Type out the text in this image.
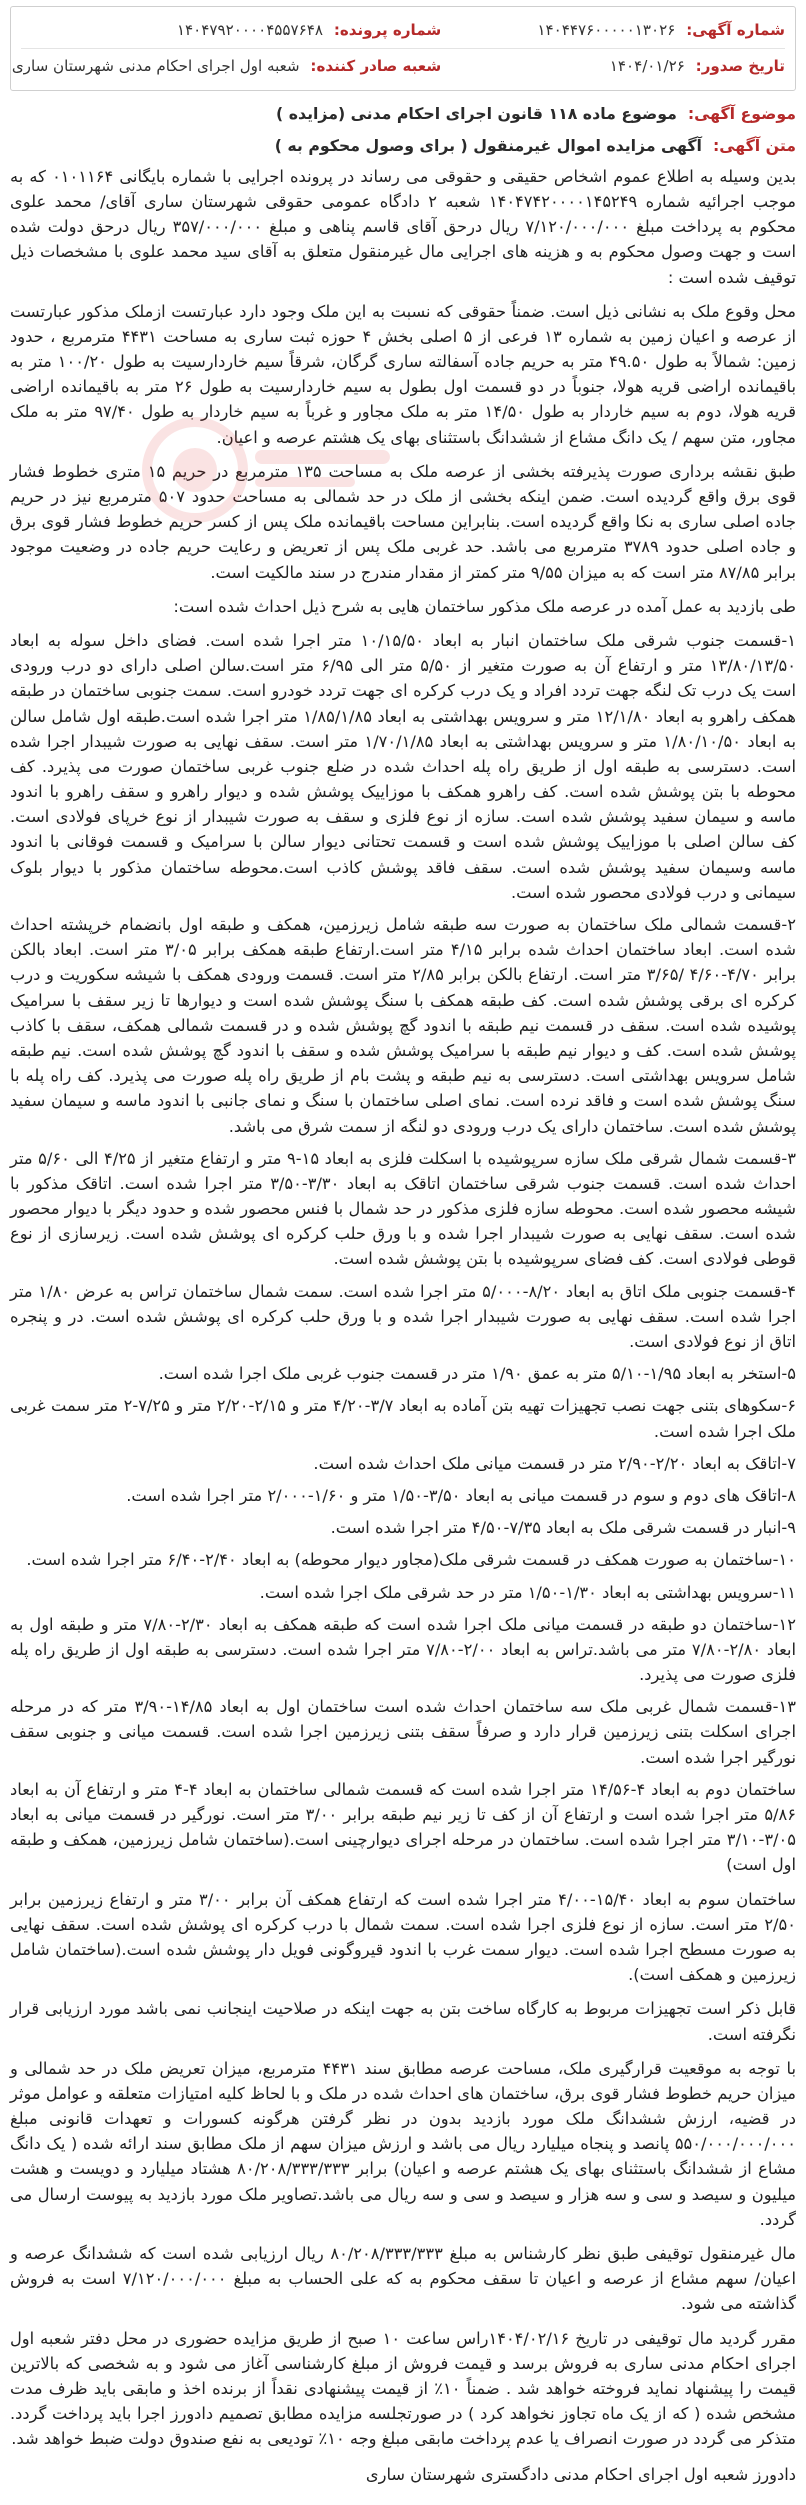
شماره آگهی: ۱۴۰۴۴۷۶۰۰۰۰۰۱۳۰۲۶
شماره پرونده: ۱۴۰۴۷۹۲۰۰۰۰۴۵۵۷۶۴۸
تاریخ صدور: ۱۴۰۴/۰۱/۲۶
شعبه صادر کننده: شعبه اول اجرای احکام مدنی شهرستان ساری
موضوع آگهی: موضوع ماده ۱۱۸ قانون اجرای احکام مدنی (مزایده )
متن آگهی: آگهی مزایده اموال غیرمنقول ( برای وصول محکوم به )

بدین وسیله به اطلاع عموم اشخاص حقیقی و حقوقی می رساند در پرونده اجرایی با شماره بایگانی ۰۱۰۱۱۶۴ که به موجب اجرائیه شماره ۱۴۰۴۷۴۲۰۰۰۰۱۴۵۲۴۹ شعبه ۲ دادگاه عمومی حقوقی شهرستان ساری آقای/ محمد علوی محکوم به پرداخت مبلغ ۷/۱۲۰/۰۰۰/۰۰۰ ریال درحق آقای قاسم پناهی و مبلغ ۳۵۷/۰۰۰/۰۰۰ ریال درحق دولت شده است و جهت وصول محکوم به و هزینه های اجرایی مال غیرمنقول متعلق به آقای سید محمد علوی با مشخصات ذیل توقیف شده است :

محل وقوع ملک به نشانی ذیل است. ضمناً حقوقی که نسبت به این ملک وجود دارد عبارتست ازملک مذکور عبارتست از عرصه و اعیان زمین به شماره ۱۳ فرعی از ۵ اصلی بخش ۴ حوزه ثبت ساری به مساحت ۴۴۳۱ مترمربع ، حدود زمین: شمالاً به طول ۴۹.۵۰ متر به حریم جاده آسفالته ساری گرگان، شرقاً سیم خاردارسیت به طول ۱۰۰/۲۰ متر به باقیمانده اراضی قریه هولا، جنوباً در دو قسمت اول بطول به سیم خاردارسیت به طول ۲۶ متر به باقیمانده اراضی قریه هولا، دوم به سیم خاردار به طول ۱۴/۵۰ متر به ملک مجاور و غرباً به سیم خاردار به طول ۹۷/۴۰ متر به ملک مجاور، متن سهم / یک دانگ مشاع از ششدانگ باستثنای بهای یک هشتم عرصه و اعیان.

طبق نقشه برداری صورت پذیرفته بخشی از عرصه ملک به مساحت ۱۳۵ مترمربع در حریم ۱۵ متری خطوط فشار قوی برق واقع گردیده است. ضمن اینکه بخشی از ملک در حد شمالی به مساحت حدود ۵۰۷ مترمربع نیز در حریم جاده اصلی ساری به نکا واقع گردیده است. بنابراین مساحت باقیمانده ملک پس از کسر حریم خطوط فشار قوی برق و جاده اصلی حدود ۳۷۸۹ مترمربع می باشد. حد غربی ملک پس از تعریض و رعایت حریم جاده در وضعیت موجود برابر ۸۷/۸۵ متر است که به میزان ۹/۵۵ متر کمتر از مقدار مندرج در سند مالکیت است.

طی بازدید به عمل آمده در عرصه ملک مذکور ساختمان هایی به شرح ذیل احداث شده است:

۱-قسمت جنوب شرقی ملک ساختمان انبار به ابعاد ۱۰/۱۵/۵۰ متر اجرا شده است. فضای داخل سوله به ابعاد ۱۳/۸۰/۱۳/۵۰ متر و ارتفاع آن به صورت متغیر از ۵/۵۰ متر الی ۶/۹۵ متر است.سالن اصلی دارای دو درب ورودی است یک درب تک لنگه جهت تردد افراد و یک درب کرکره ای جهت تردد خودرو است. سمت جنوبی ساختمان در طبقه همکف راهرو به ابعاد ۱۲/۱/۸۰ متر و سرویس بهداشتی به ابعاد ۱/۸۵/۱/۸۵ متر اجرا شده است.طبقه اول شامل سالن به ابعاد ۱/۸۰/۱۰/۵۰ متر و سرویس بهداشتی به ابعاد ۱/۷۰/۱/۸۵ متر است. سقف نهایی به صورت شیبدار اجرا شده است. دسترسی به طبقه اول از طریق راه پله احداث شده در ضلع جنوب غربی ساختمان صورت می پذیرد. کف محوطه با بتن پوشش شده است. کف راهرو همکف با موزاییک پوشش شده و دیوار راهرو و سقف راهرو با اندود ماسه و سیمان سفید پوشش شده است. سازه از نوع فلزی و سقف به صورت شیبدار از نوع خرپای فولادی است. کف سالن اصلی با موزاییک پوشش شده است و قسمت تحتانی دیوار سالن با سرامیک و قسمت فوقانی با اندود ماسه وسیمان سفید پوشش شده است. سقف فاقد پوشش کاذب است.محوطه ساختمان مذکور با دیوار بلوک سیمانی و درب فولادی محصور شده است.

۲-قسمت شمالی ملک ساختمان به صورت سه طبقه شامل زیرزمین، همکف و طبقه اول بانضمام خرپشته احداث شده است. ابعاد ساختمان احداث شده برابر ۴/۱۵ متر است.ارتفاع طبقه همکف برابر ۳/۰۵ متر است. ابعاد بالکن برابر ۴/۷۰-۴/۶۰ /۳/۶۵ متر است. ارتفاع بالکن برابر ۲/۸۵ متر است. قسمت ورودی همکف با شیشه سکوریت و درب کرکره ای برقی پوشش شده است. کف طبقه همکف با سنگ پوشش شده است و دیوارها تا زیر سقف با سرامیک پوشیده شده است. سقف در قسمت نیم طبقه با اندود گچ پوشش شده و در قسمت شمالی همکف، سقف با کاذب پوشش شده است. کف و دیوار نیم طبقه با سرامیک پوشش شده و سقف با اندود گچ پوشش شده است. نیم طبقه شامل سرویس بهداشتی است. دسترسی به نیم طبقه و پشت بام از طریق راه پله صورت می پذیرد. کف راه پله با سنگ پوشش شده است و فاقد نرده است. نمای اصلی ساختمان با سنگ و نمای جانبی با اندود ماسه و سیمان سفید پوشش شده است. ساختمان دارای یک درب ورودی دو لنگه از سمت شرق می باشد.

۳-قسمت شمال شرقی ملک سازه سرپوشیده با اسکلت فلزی به ابعاد ۱۵-۹ متر و ارتفاع متغیر از ۴/۲۵ الی ۵/۶۰ متر احداث شده است. قسمت جنوب شرقی ساختمان اتاقک به ابعاد ۳/۳۰-۳/۵۰ متر اجرا شده است. اتاقک مذکور با شیشه محصور شده است. محوطه سازه فلزی مذکور در حد شمال با فنس محصور شده و حدود دیگر با دیوار محصور شده است. سقف نهایی به صورت شیبدار اجرا شده و با ورق حلب کرکره ای پوشش شده است. زیرسازی از نوع قوطی فولادی است. کف فضای سرپوشیده با بتن پوشش شده است.

۴-قسمت جنوبی ملک اتاق به ابعاد ۸/۲۰-۵/۰۰۰ متر اجرا شده است. سمت شمال ساختمان تراس به عرض ۱/۸۰ متر اجرا شده است. سقف نهایی به صورت شیبدار اجرا شده و با ورق حلب کرکره ای پوشش شده است. در و پنجره اتاق از نوع فولادی است.

۵-استخر به ابعاد ۱/۹۵-۵/۱۰ متر به عمق ۱/۹۰ متر در قسمت جنوب غربی ملک اجرا شده است.

۶-سکوهای بتنی جهت نصب تجهیزات تهیه بتن آماده به ابعاد ۳/۷-۴/۲۰ متر و ۲/۱۵-۲/۲۰ متر و ۷/۲۵-۲ متر سمت غربی ملک اجرا شده است.

۷-اتاقک به ابعاد ۲/۲۰-۲/۹۰ متر در قسمت میانی ملک احداث شده است.

۸-اتاقک های دوم و سوم در قسمت میانی به ابعاد ۳/۵۰-۱/۵۰ متر و ۱/۶۰-۲/۰۰۰ متر اجرا شده است.

۹-انبار در قسمت شرقی ملک به ابعاد ۷/۳۵-۴/۵۰ متر اجرا شده است.

۱۰-ساختمان به صورت همکف در قسمت شرقی ملک(مجاور دیوار محوطه) به ابعاد ۲/۴۰-۶/۴۰ متر اجرا شده است.

۱۱-سرویس بهداشتی به ابعاد ۱/۳۰-۱/۵۰ متر در حد شرقی ملک اجرا شده است.

۱۲-ساختمان دو طبقه در قسمت میانی ملک اجرا شده است که طبقه همکف به ابعاد ۲/۳۰-۷/۸۰ متر و طبقه اول به ابعاد ۲/۸۰-۷/۸۰ متر می باشد.تراس به ابعاد ۲/۰۰-۷/۸۰ متر اجرا شده است. دسترسی به طبقه اول از طریق راه پله فلزی صورت می پذیرد.

۱۳-قسمت شمال غربی ملک سه ساختمان احداث شده است ساختمان اول به ابعاد ۱۴/۸۵-۳/۹۰ متر که در مرحله اجرای اسکلت بتنی زیرزمین قرار دارد و صرفاً سقف بتنی زیرزمین اجرا شده است. قسمت میانی و جنوبی سقف نورگیر اجرا شده است.

ساختمان دوم به ابعاد ۴-۱۴/۵۶ متر اجرا شده است که قسمت شمالی ساختمان به ابعاد ۴-۴ متر و ارتفاع آن به ابعاد ۵/۸۶ متر اجرا شده است و ارتفاع آن از کف تا زیر نیم طبقه برابر ۳/۰۰ متر است. نورگیر در قسمت میانی به ابعاد ۳/۰۵-۳/۱۰ متر اجرا شده است. ساختمان در مرحله اجرای دیوارچینی است.(ساختمان شامل زیرزمین، همکف و طبقه اول است)

ساختمان سوم به ابعاد ۱۵/۴۰-۴/۰۰ متر اجرا شده است که ارتفاع همکف آن برابر ۳/۰۰ متر و ارتفاع زیرزمین برابر ۲/۵۰ متر است. سازه از نوع فلزی اجرا شده است. سمت شمال با درب کرکره ای پوشش شده است. سقف نهایی به صورت مسطح اجرا شده است. دیوار سمت غرب با اندود قیروگونی فویل دار پوشش شده است.(ساختمان شامل زیرزمین و همکف است).

قابل ذکر است تجهیزات مربوط به کارگاه ساخت بتن به جهت اینکه در صلاحیت اینجانب نمی باشد مورد ارزیابی قرار نگرفته است.

با توجه به موقعیت قرارگیری ملک، مساحت عرصه مطابق سند ۴۴۳۱ مترمربع، میزان تعریض ملک در حد شمالی و میزان حریم خطوط فشار قوی برق، ساختمان های احداث شده در ملک و با لحاظ کلیه امتیازات متعلقه و عوامل موثر در قضیه، ارزش ششدانگ ملک مورد بازدید بدون در نظر گرفتن هرگونه کسورات و تعهدات قانونی مبلغ ۵۵۰/۰۰۰/۰۰۰/۰۰۰ پانصد و پنجاه میلیارد ریال می باشد و ارزش میزان سهم از ملک مطابق سند ارائه شده ( یک دانگ مشاع از ششدانگ باستثنای بهای یک هشتم عرصه و اعیان) برابر ۸۰/۲۰۸/۳۳۳/۳۳۳ هشتاد میلیارد و دویست و هشت میلیون و سیصد و سی و سه هزار و سیصد و سی و سه ریال می باشد.تصاویر ملک مورد بازدید به پیوست ارسال می گردد.

مال غیرمنقول توقیفی طبق نظر کارشناس به مبلغ ۸۰/۲۰۸/۳۳۳/۳۳۳ ریال ارزیابی شده است که ششدانگ عرصه و اعیان/ سهم مشاع از عرصه و اعیان تا سقف محکوم به که علی الحساب به مبلغ ۷/۱۲۰/۰۰۰/۰۰۰ است به فروش گذاشته می شود.

مقرر گردید مال توقیفی در تاریخ ۱۴۰۴/۰۲/۱۶راس ساعت ۱۰ صبح از طریق مزایده حضوری در محل دفتر شعبه اول اجرای احکام مدنی ساری به فروش برسد و قیمت فروش از مبلغ کارشناسی آغاز می شود و به شخصی که بالاترین قیمت را پیشنهاد نماید فروخته خواهد شد . ضمناً ۱۰٪ از قیمت پیشنهادی نقداً از برنده اخذ و مابقی باید ظرف مدت مشخص شده ( که از یک ماه تجاوز نخواهد کرد ) در صورتجلسه مزایده مطابق تصمیم دادورز اجرا باید پرداخت گردد. متذکر می گردد در صورت انصراف یا عدم پرداخت مابقی مبلغ وجه ۱۰٪ تودیعی به نفع صندوق دولت ضبط خواهد شد.

دادورز شعبه اول اجرای احکام مدنی دادگستری شهرستان ساری
